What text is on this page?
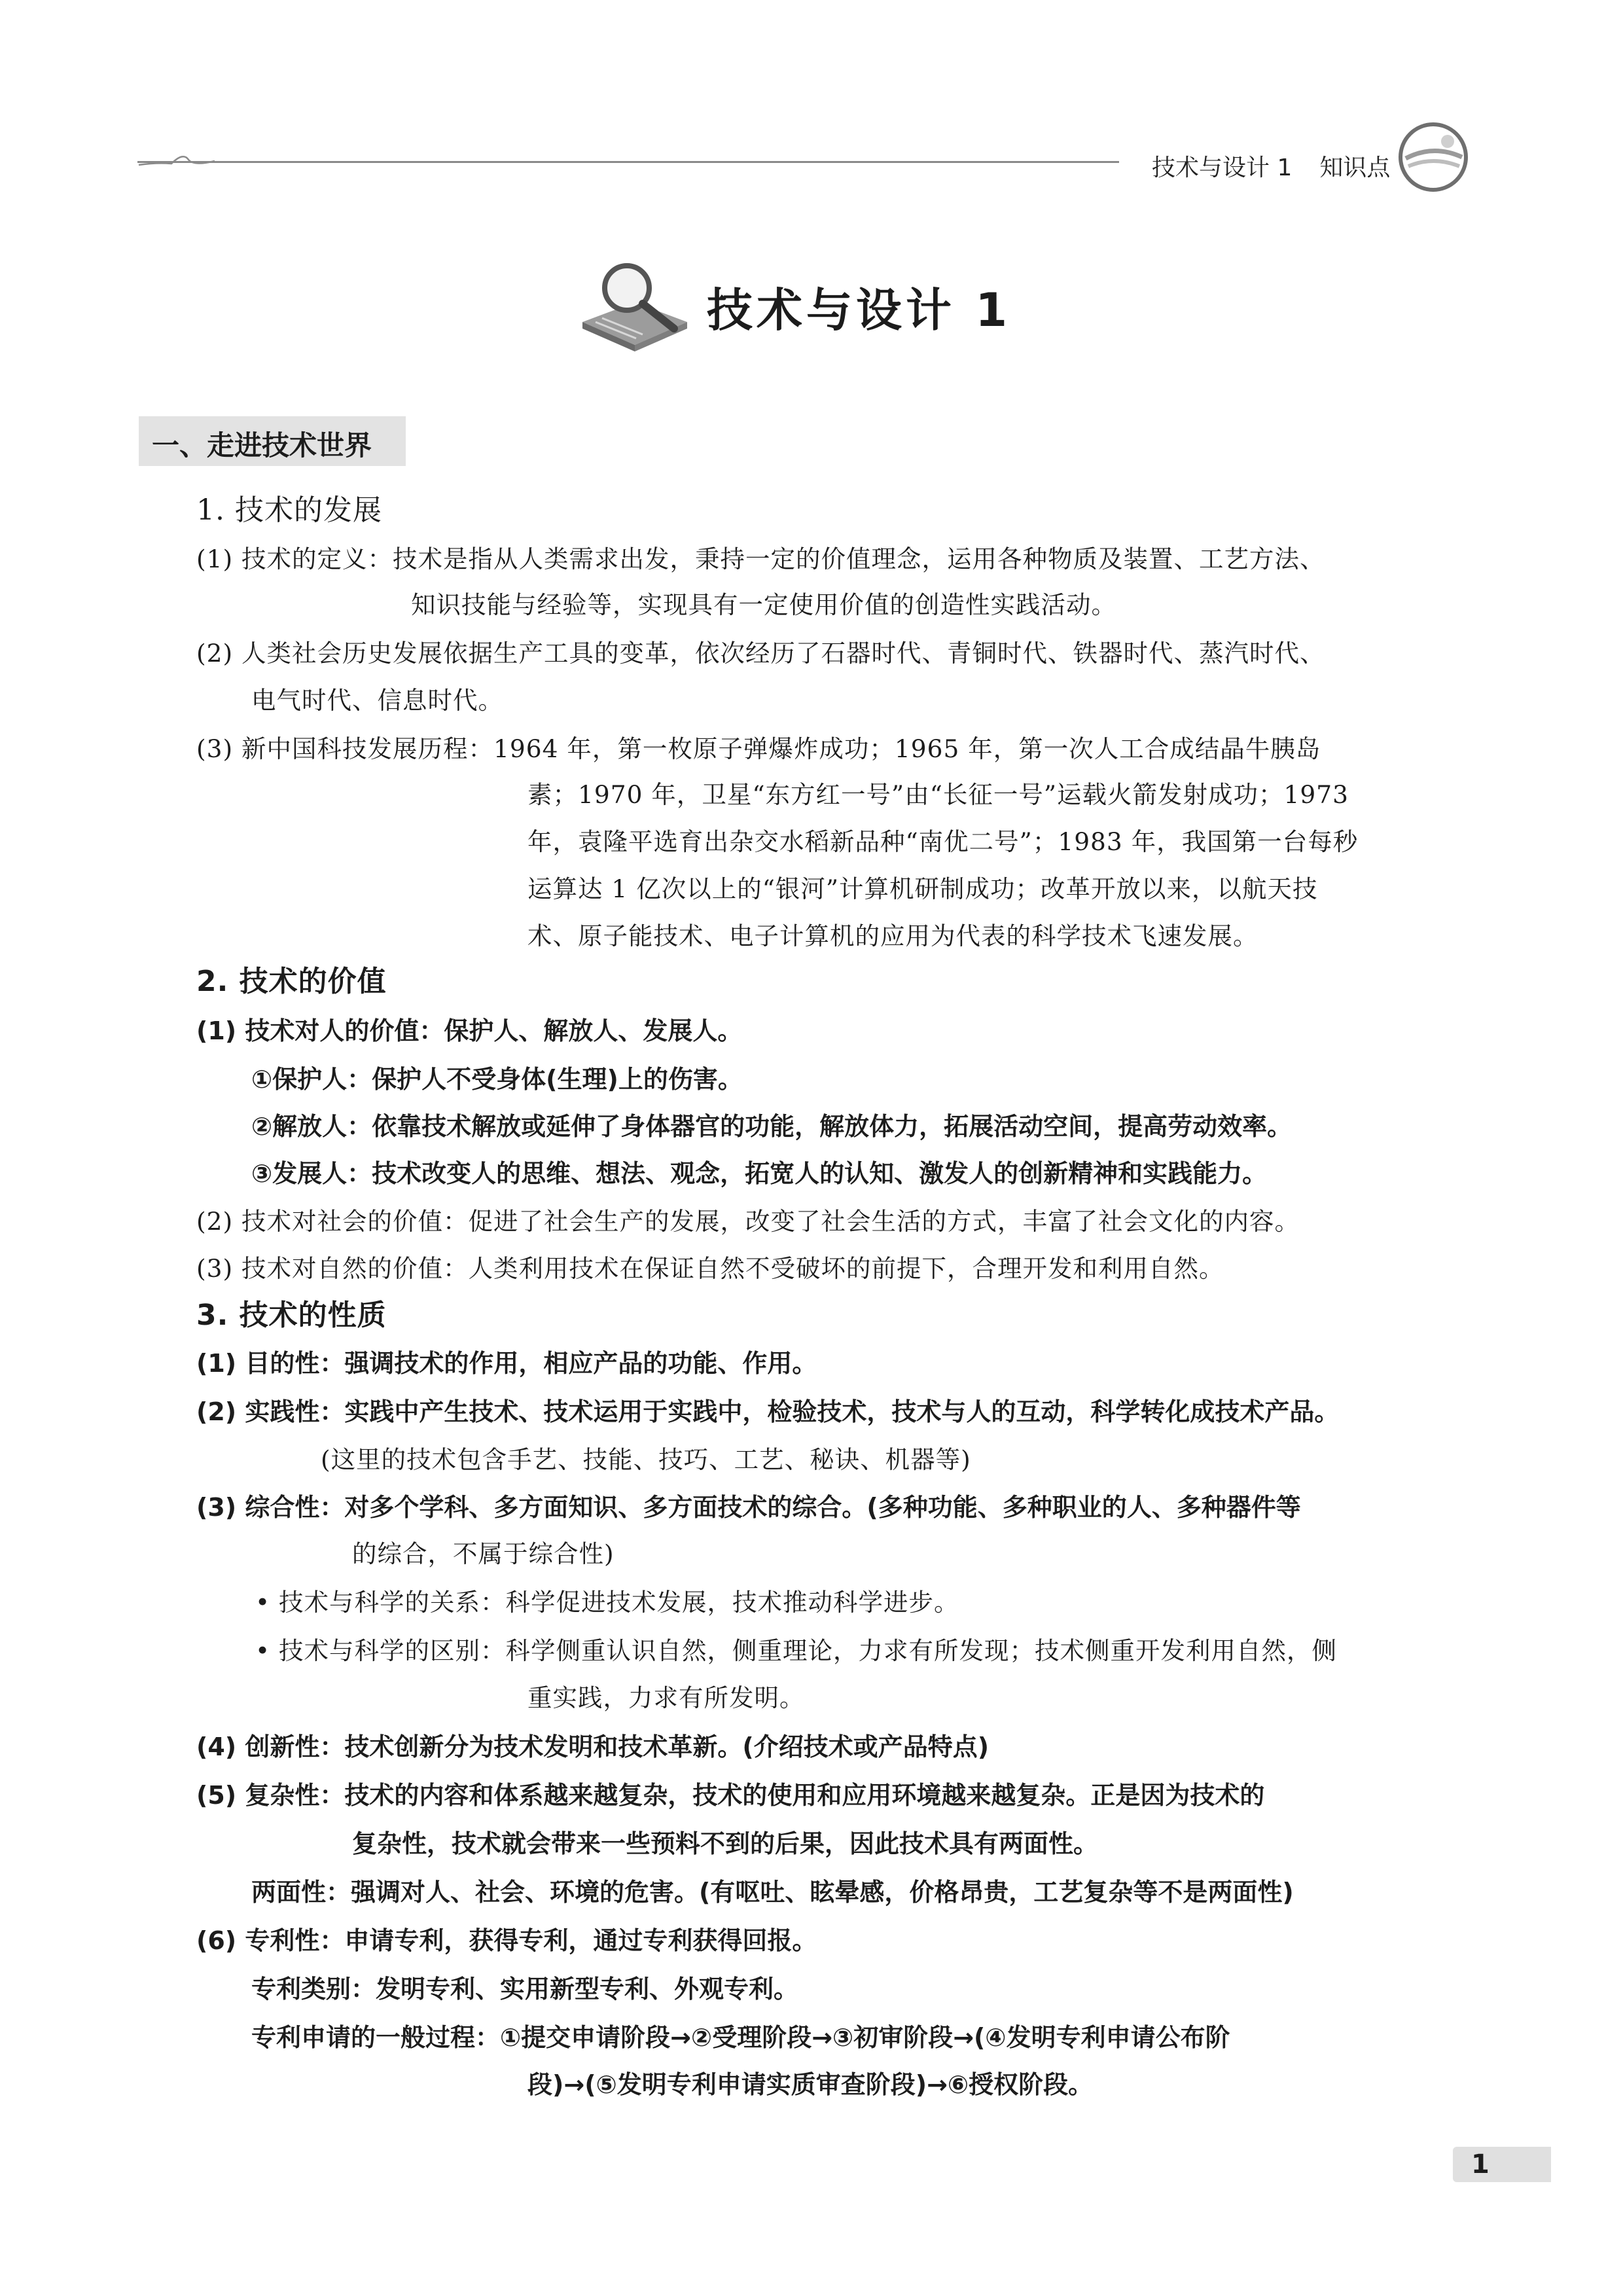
技术与设计 1 知识点
技术与设计 1
一、走进技术世界
1. 技术的发展
(1) 技术的定义：技术是指从人类需求出发，秉持一定的价值理念，运用各种物质及装置、工艺方法、
知识技能与经验等，实现具有一定使用价值的创造性实践活动。
(2) 人类社会历史发展依据生产工具的变革，依次经历了石器时代、青铜时代、铁器时代、蒸汽时代、
电气时代、信息时代。
(3) 新中国科技发展历程：1964 年，第一枚原子弹爆炸成功；1965 年，第一次人工合成结晶牛胰岛
素；1970 年，卫星“东方红一号”由“长征一号”运载火箭发射成功；1973
年，袁隆平选育出杂交水稻新品种“南优二号”；1983 年，我国第一台每秒
运算达 1 亿次以上的“银河”计算机研制成功；改革开放以来，以航天技
术、原子能技术、电子计算机的应用为代表的科学技术飞速发展。
2. 技术的价值
(1) 技术对人的价值：保护人、解放人、发展人。
①保护人：保护人不受身体(生理)上的伤害。
②解放人：依靠技术解放或延伸了身体器官的功能，解放体力，拓展活动空间，提高劳动效率。
③发展人：技术改变人的思维、想法、观念，拓宽人的认知、激发人的创新精神和实践能力。
(2) 技术对社会的价值：促进了社会生产的发展，改变了社会生活的方式，丰富了社会文化的内容。
(3) 技术对自然的价值：人类利用技术在保证自然不受破坏的前提下，合理开发和利用自然。
3. 技术的性质
(1) 目的性：强调技术的作用，相应产品的功能、作用。
(2) 实践性：实践中产生技术、技术运用于实践中，检验技术，技术与人的互动，科学转化成技术产品。
(这里的技术包含手艺、技能、技巧、工艺、秘诀、机器等)
(3) 综合性：对多个学科、多方面知识、多方面技术的综合。(多种功能、多种职业的人、多种器件等
的综合，不属于综合性)
• 技术与科学的关系：科学促进技术发展，技术推动科学进步。
• 技术与科学的区别：科学侧重认识自然，侧重理论，力求有所发现；技术侧重开发利用自然，侧
重实践，力求有所发明。
(4) 创新性：技术创新分为技术发明和技术革新。(介绍技术或产品特点)
(5) 复杂性：技术的内容和体系越来越复杂，技术的使用和应用环境越来越复杂。正是因为技术的
复杂性，技术就会带来一些预料不到的后果，因此技术具有两面性。
两面性：强调对人、社会、环境的危害。(有呕吐、眩晕感，价格昂贵，工艺复杂等不是两面性)
(6) 专利性：申请专利，获得专利，通过专利获得回报。
专利类别：发明专利、实用新型专利、外观专利。
专利申请的一般过程：①提交申请阶段→②受理阶段→③初审阶段→(④发明专利申请公布阶
段)→(⑤发明专利申请实质审查阶段)→⑥授权阶段。
1
